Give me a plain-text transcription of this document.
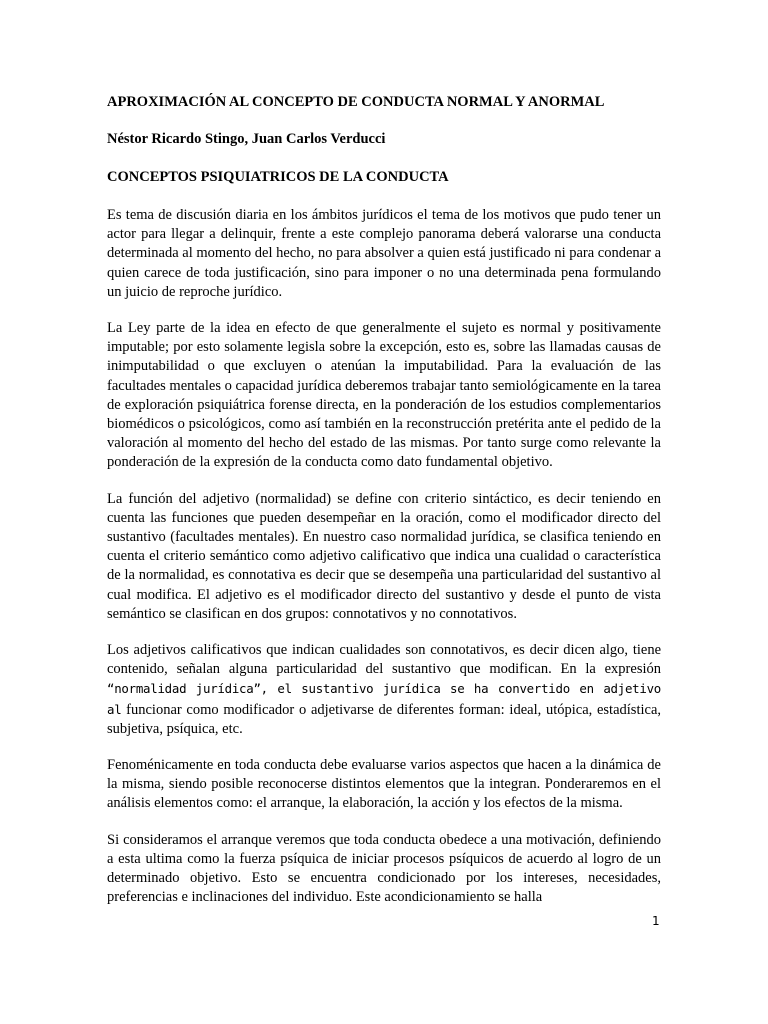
APROXIMACIÓN AL CONCEPTO DE CONDUCTA NORMAL Y ANORMAL
Néstor Ricardo Stingo, Juan Carlos Verducci
CONCEPTOS PSIQUIATRICOS DE LA CONDUCTA

Es tema de discusión diaria en los ámbitos jurídicos el tema de los motivos que pudo tener un actor para llegar a delinquir, frente a este complejo panorama deberá valorarse una conducta determinada al momento del hecho, no para absolver a quien está justificado ni para condenar a quien carece de toda justificación, sino para imponer o no una determinada pena formulando un juicio de reproche jurídico.

La Ley parte de la idea en efecto de que generalmente el sujeto es normal y positivamente imputable; por esto solamente legisla sobre la excepción, esto es, sobre las llamadas causas de inimputabilidad o que excluyen o atenúan la imputabilidad. Para la evaluación de las facultades mentales o capacidad jurídica deberemos trabajar tanto semiológicamente en la tarea de exploración psiquiátrica forense directa, en la ponderación de los estudios complementarios biomédicos o psicológicos, como así también en la reconstrucción pretérita ante el pedido de la valoración al momento del hecho del estado de las mismas. Por tanto surge como relevante la ponderación de la expresión de la conducta como dato fundamental objetivo.

La función del adjetivo (normalidad) se define con criterio sintáctico, es decir teniendo en cuenta las funciones que pueden desempeñar en la oración, como el modificador directo del sustantivo (facultades mentales). En nuestro caso normalidad jurídica, se clasifica teniendo en cuenta el criterio semántico como adjetivo calificativo que indica una cualidad o característica de la normalidad, es connotativa es decir que se desempeña una particularidad del sustantivo al cual modifica. El adjetivo es el modificador directo del sustantivo y desde el punto de vista semántico se clasifican en dos grupos: connotativos y no connotativos.

Los adjetivos calificativos que indican cualidades son connotativos, es decir dicen algo, tiene contenido, señalan alguna particularidad del sustantivo que modifican. En la expresión “normalidad jurídica”, el sustantivo jurídica se ha convertido en adjetivo al funcionar como modificador o adjetivarse de diferentes forman: ideal, utópica, estadística, subjetiva, psíquica, etc.

Fenoménicamente en toda conducta debe evaluarse varios aspectos que hacen a la dinámica de la misma, siendo posible reconocerse distintos elementos que la integran. Ponderaremos en el análisis elementos como: el arranque, la elaboración, la acción y los efectos de la misma.

Si consideramos el arranque veremos que toda conducta obedece a una motivación, definiendo a esta ultima como la fuerza psíquica de iniciar procesos psíquicos de acuerdo al logro de un determinado objetivo. Esto se encuentra condicionado por los intereses, necesidades, preferencias e inclinaciones del individuo. Este acondicionamiento se halla

1
